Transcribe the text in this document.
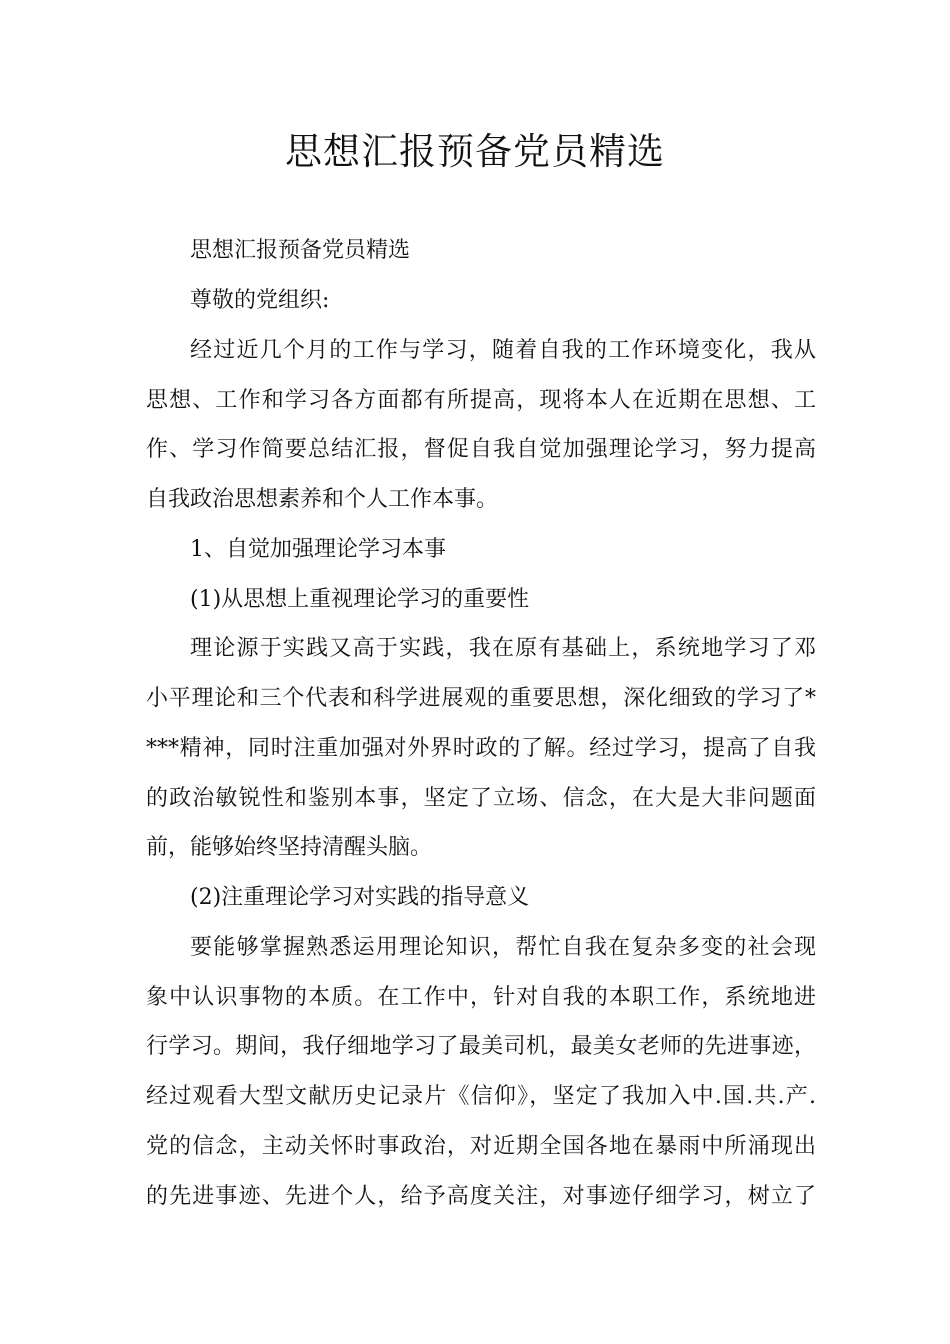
思想汇报预备党员精选

思想汇报预备党员精选

尊敬的党组织:

经过近几个月的工作与学习，随着自我的工作环境变化，我从

思想、工作和学习各方面都有所提高，现将本人在近期在思想、工

作、学习作简要总结汇报，督促自我自觉加强理论学习，努力提高

自我政治思想素养和个人工作本事。

1、自觉加强理论学习本事

(1)从思想上重视理论学习的重要性

理论源于实践又高于实践，我在原有基础上，系统地学习了邓

小平理论和三个代表和科学进展观的重要思想，深化细致的学习了*

***精神，同时注重加强对外界时政的了解。经过学习，提高了自我

的政治敏锐性和鉴别本事，坚定了立场、信念，在大是大非问题面

前，能够始终坚持清醒头脑。

(2)注重理论学习对实践的指导意义

要能够掌握熟悉运用理论知识，帮忙自我在复杂多变的社会现

象中认识事物的本质。在工作中，针对自我的本职工作，系统地进

行学习。期间，我仔细地学习了最美司机，最美女老师的先进事迹，

经过观看大型文献历史记录片《信仰》，坚定了我加入中.国.共.产.

党的信念，主动关怀时事政治，对近期全国各地在暴雨中所涌现出

的先进事迹、先进个人，给予高度关注，对事迹仔细学习，树立了
